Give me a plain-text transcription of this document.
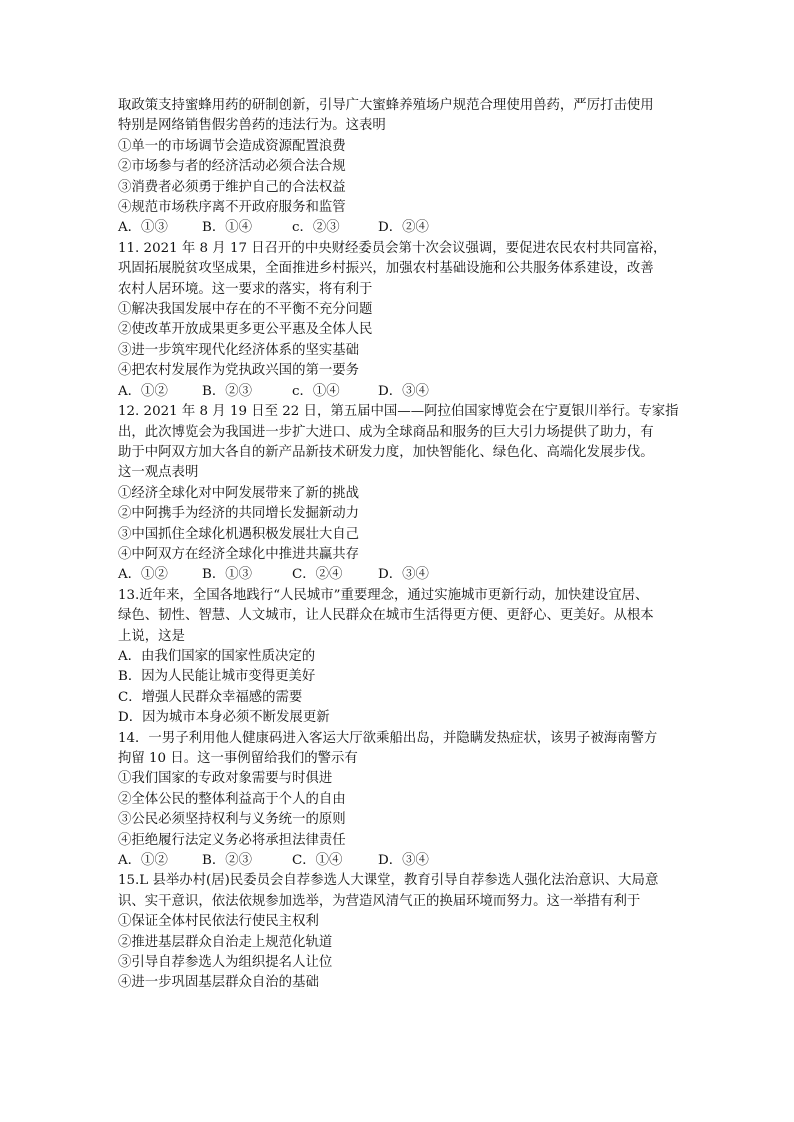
取政策支持蜜蜂用药的研制创新，引导广大蜜蜂养殖场户规范合理使用兽药，严厉打击使用
特别是网络销售假劣兽药的违法行为。这表明
①单一的市场调节会造成资源配置浪费
②市场参与者的经济活动必须合法合规
③消费者必须勇于维护自己的合法权益
④规范市场秩序离不开政府服务和监管
A．①③	B．①④	c．②③	D．②④
11. 2021 年 8 月 17 日召开的中央财经委员会第十次会议强调，要促进农民农村共同富裕，
巩固拓展脱贫攻坚成果，全面推进乡村振兴，加强农村基础设施和公共服务体系建设，改善
农村人居环境。这一要求的落实，将有利于
①解决我国发展中存在的不平衡不充分问题
②使改革开放成果更多更公平惠及全体人民
③进一步筑牢现代化经济体系的坚实基础
④把农村发展作为党执政兴国的第一要务
A．①②	B．②③	c．①④	D．③④
12. 2021 年 8 月 19 日至 22 日，第五届中国——阿拉伯国家博览会在宁夏银川举行。专家指
出，此次博览会为我国进一步扩大进口、成为全球商品和服务的巨大引力场提供了助力，有
助于中阿双方加大各自的新产品新技术研发力度，加快智能化、绿色化、高端化发展步伐。
这一观点表明
①经济全球化对中阿发展带来了新的挑战
②中阿携手为经济的共同增长发掘新动力
③中国抓住全球化机遇积极发展壮大自己
④中阿双方在经济全球化中推进共赢共存
A．①②	B．①③	C．②④	D．③④
13.近年来，全国各地践行“人民城市”重要理念，通过实施城市更新行动，加快建设宜居、
绿色、韧性、智慧、人文城市，让人民群众在城市生活得更方便、更舒心、更美好。从根本
上说，这是
A．由我们国家的国家性质决定的
B．因为人民能让城市变得更美好
C．增强人民群众幸福感的需要
D．因为城市本身必须不断发展更新
14．一男子利用他人健康码进入客运大厅欲乘船出岛，并隐瞒发热症状，该男子被海南警方
拘留 10 日。这一事例留给我们的警示有
①我们国家的专政对象需要与时俱进
②全体公民的整体利益高于个人的自由
③公民必须坚持权利与义务统一的原则
④拒绝履行法定义务必将承担法律责任
A．①②	B．②③	C．①④	D．③④
15.L 县举办村(居)民委员会自荐参选人大课堂，教育引导自荐参选人强化法治意识、大局意
识、实干意识，依法依规参加选举，为营造风清气正的换届环境而努力。这一举措有利于
①保证全体村民依法行使民主权利
②推进基层群众自治走上规范化轨道
③引导自荐参选人为组织提名人让位
④进一步巩固基层群众自治的基础
